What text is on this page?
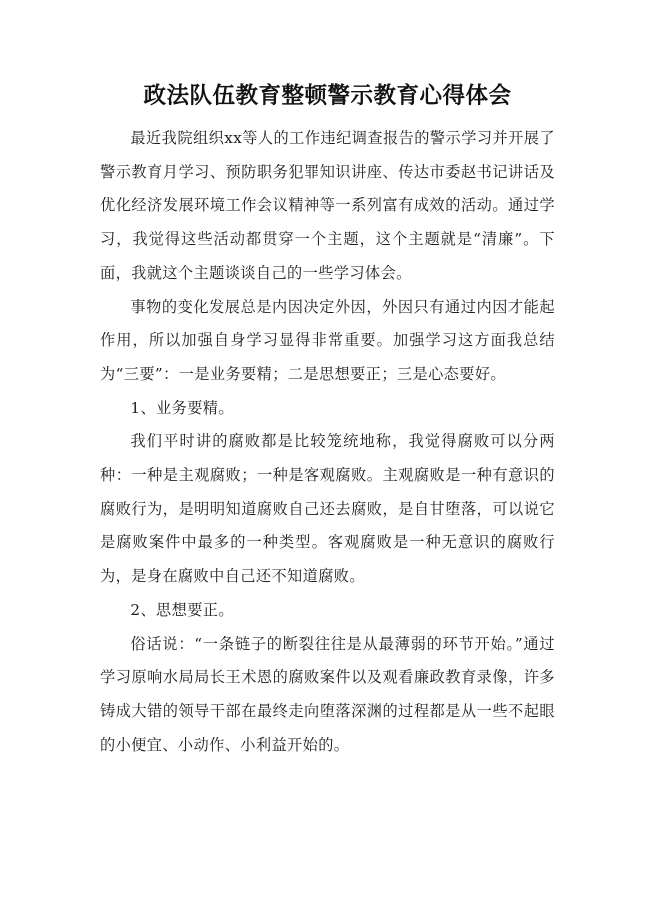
政法队伍教育整顿警示教育心得体会

最近我院组织xx等人的工作违纪调查报告的警示学习并开展了警示教育月学习、预防职务犯罪知识讲座、传达市委赵书记讲话及优化经济发展环境工作会议精神等一系列富有成效的活动。通过学习，我觉得这些活动都贯穿一个主题，这个主题就是“清廉”。下面，我就这个主题谈谈自己的一些学习体会。

事物的变化发展总是内因决定外因，外因只有通过内因才能起作用，所以加强自身学习显得非常重要。加强学习这方面我总结为“三要”：一是业务要精；二是思想要正；三是心态要好。

1、业务要精。

我们平时讲的腐败都是比较笼统地称，我觉得腐败可以分两种：一种是主观腐败；一种是客观腐败。主观腐败是一种有意识的腐败行为，是明明知道腐败自己还去腐败，是自甘堕落，可以说它是腐败案件中最多的一种类型。客观腐败是一种无意识的腐败行为，是身在腐败中自己还不知道腐败。

2、思想要正。

俗话说：“一条链子的断裂往往是从最薄弱的环节开始。”通过学习原响水局局长王术恩的腐败案件以及观看廉政教育录像，许多铸成大错的领导干部在最终走向堕落深渊的过程都是从一些不起眼的小便宜、小动作、小利益开始的。
